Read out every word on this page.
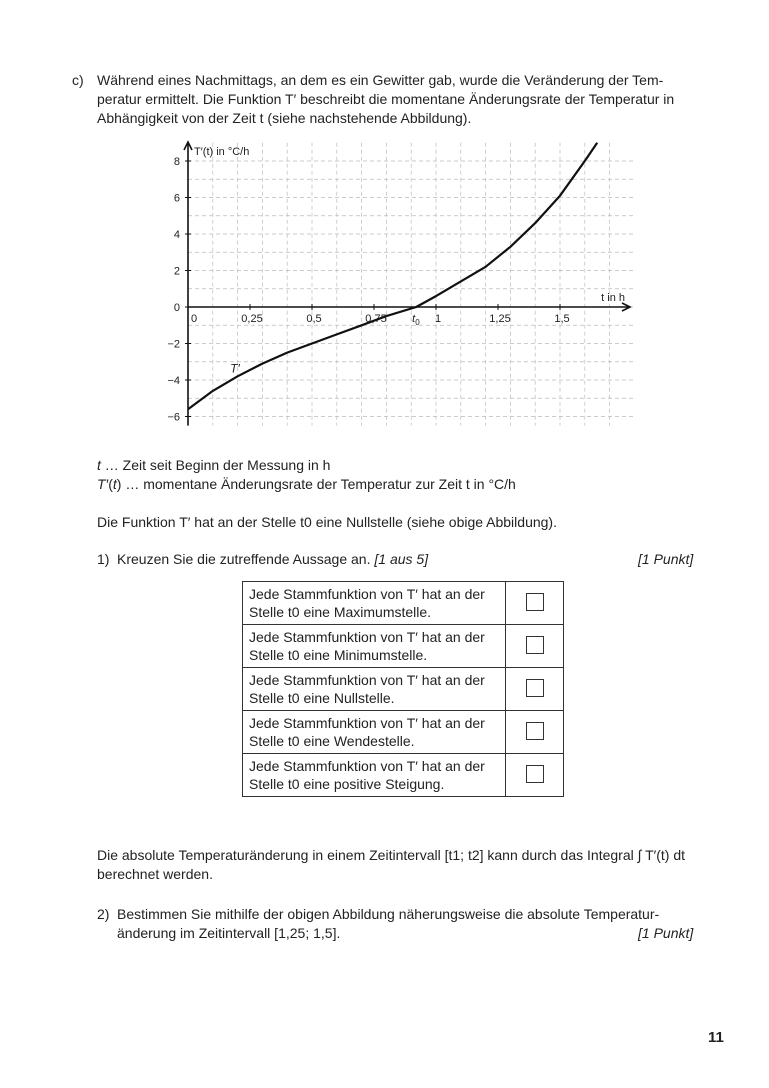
c) Während eines Nachmittags, an dem es ein Gewitter gab, wurde die Veränderung der Tem-
peratur ermittelt. Die Funktion T′ beschreibt die momentane Änderungsrate der Temperatur in
Abhängigkeit von der Zeit t (siehe nachstehende Abbildung).
8
6
4
2
0
−2
−4
−6
0	0,25	0,5	0,75	1	1,25	1,5
T′(t) in °C/h
t in h
$t_0$
T′
t … Zeit seit Beginn der Messung in h
T′(t) … momentane Änderungsrate der Temperatur zur Zeit t in °C/h
Die Funktion T′ hat an der Stelle t0 eine Nullstelle (siehe obige Abbildung).
1) Kreuzen Sie die zutreffende Aussage an. [1 aus 5]	[1 Punkt]
Jede Stammfunktion von T′ hat an der
Stelle t0 eine Maximumstelle.	

Jede Stammfunktion von T′ hat an der
Stelle t0 eine Minimumstelle.	

Jede Stammfunktion von T′ hat an der
Stelle t0 eine Nullstelle.	

Jede Stammfunktion von T′ hat an der
Stelle t0 eine Wendestelle.	

Jede Stammfunktion von T′ hat an der
Stelle t0 eine positive Steigung.	

Die absolute Temperaturänderung in einem Zeitintervall [t1; t2] kann durch das Integral ∫ T′(t) dt
berechnet werden.
2) Bestimmen Sie mithilfe der obigen Abbildung näherungsweise die absolute Temperatur-
änderung im Zeitintervall [1,25; 1,5].	[1 Punkt]
11
